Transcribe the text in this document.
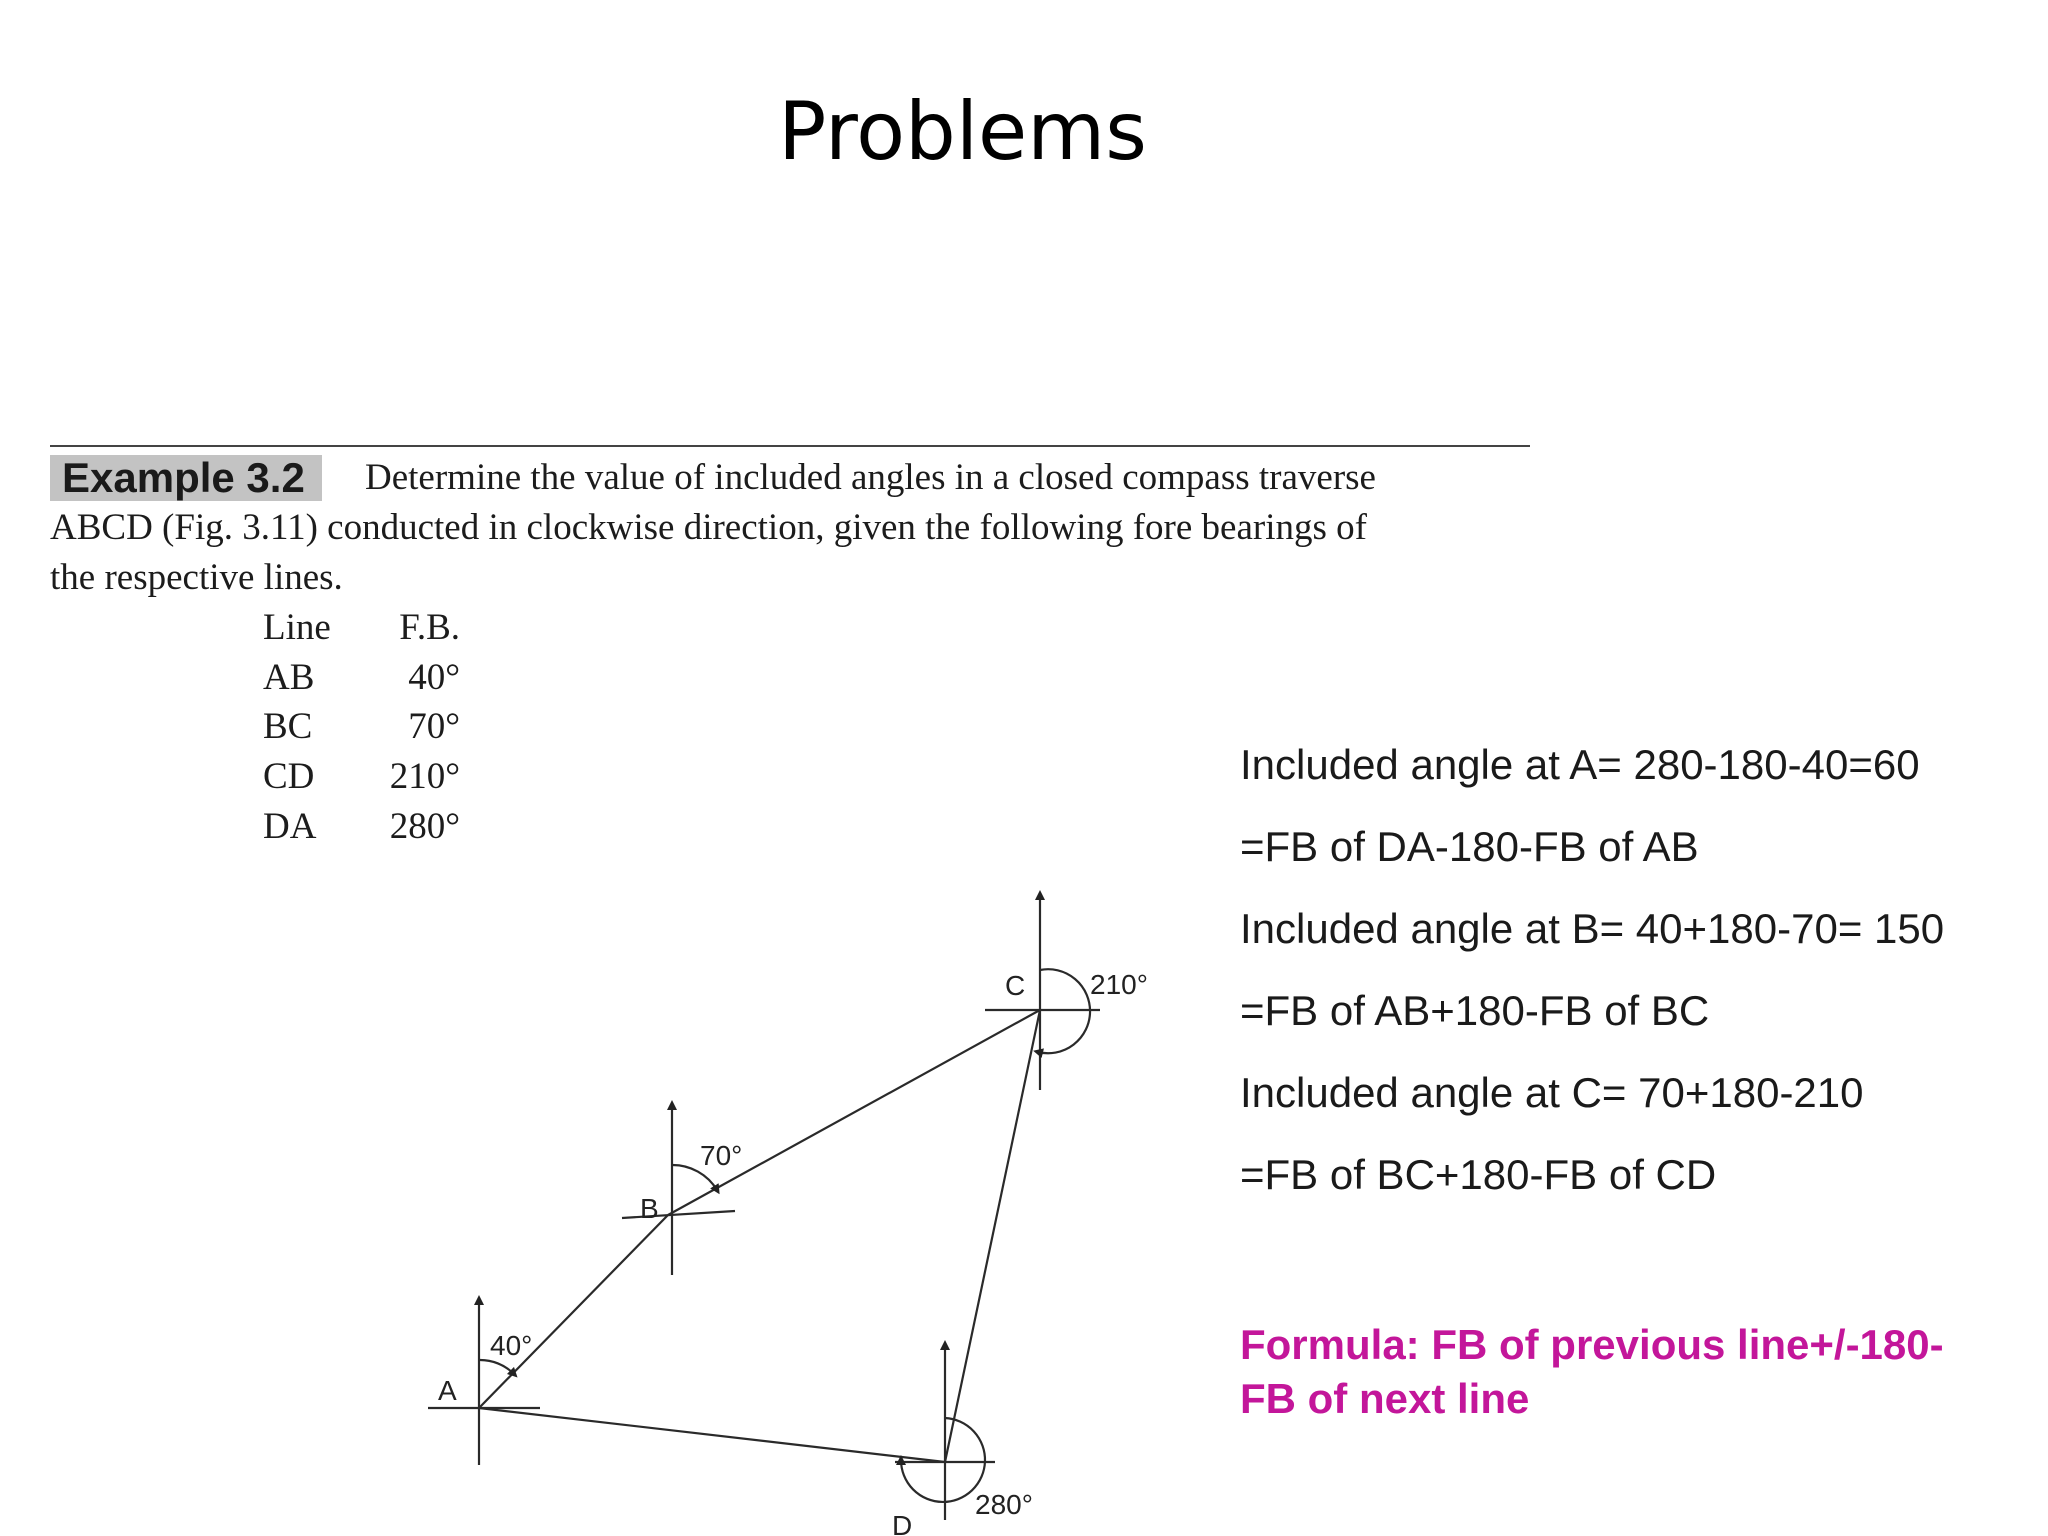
Problems
Example 3.2	Determine the value of included angles in a closed compass traverse
ABCD (Fig. 3.11) conducted in clockwise direction, given the following fore bearings of
the respective lines.
Line F.B.
AB	40°
BC	70°
CD 210°
DA 280°
A
B
C
D
40°
70°
210°
280°
Included angle at A= 280-180-40=60
=FB of DA-180-FB of AB
Included angle at B= 40+180-70= 150
=FB of AB+180-FB of BC
Included angle at C= 70+180-210
=FB of BC+180-FB of CD
Formula: FB of previous line+/-180-
FB of next line
